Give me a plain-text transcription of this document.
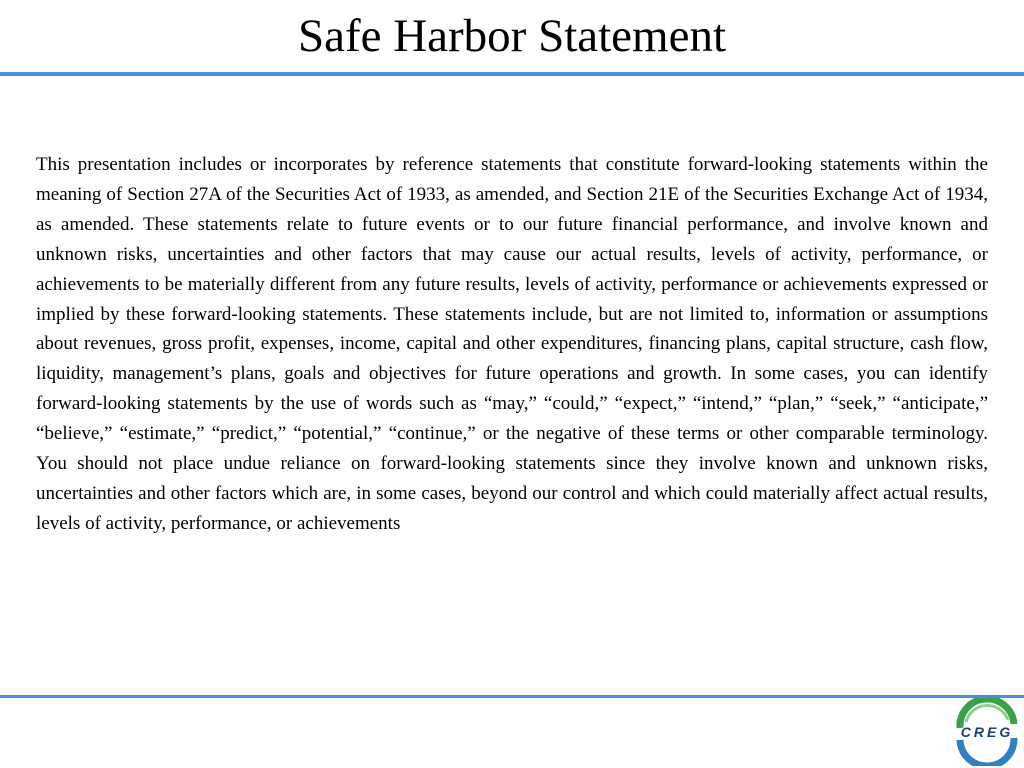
Safe Harbor Statement

This presentation includes or incorporates by reference statements that constitute forward-looking statements within the meaning of Section 27A of the Securities Act of 1933, as amended, and Section 21E of the Securities Exchange Act of 1934, as amended. These statements relate to future events or to our future financial performance, and involve known and unknown risks, uncertainties and other factors that may cause our actual results, levels of activity, performance, or achievements to be materially different from any future results, levels of activity, performance or achievements expressed or implied by these forward-looking statements. These statements include, but are not limited to, information or assumptions about revenues, gross profit, expenses, income, capital and other expenditures, financing plans, capital structure, cash flow, liquidity, management’s plans, goals and objectives for future operations and growth. In some cases, you can identify forward-looking statements by the use of words such as “may,” “could,” “expect,” “intend,” “plan,” “seek,” “anticipate,” “believe,” “estimate,” “predict,” “potential,” “continue,” or the negative of these terms or other comparable terminology. You should not place undue reliance on forward-looking statements since they involve known and unknown risks, uncertainties and other factors which are, in some cases, beyond our control and which could materially affect actual results, levels of activity, performance, or achievements

CREG
